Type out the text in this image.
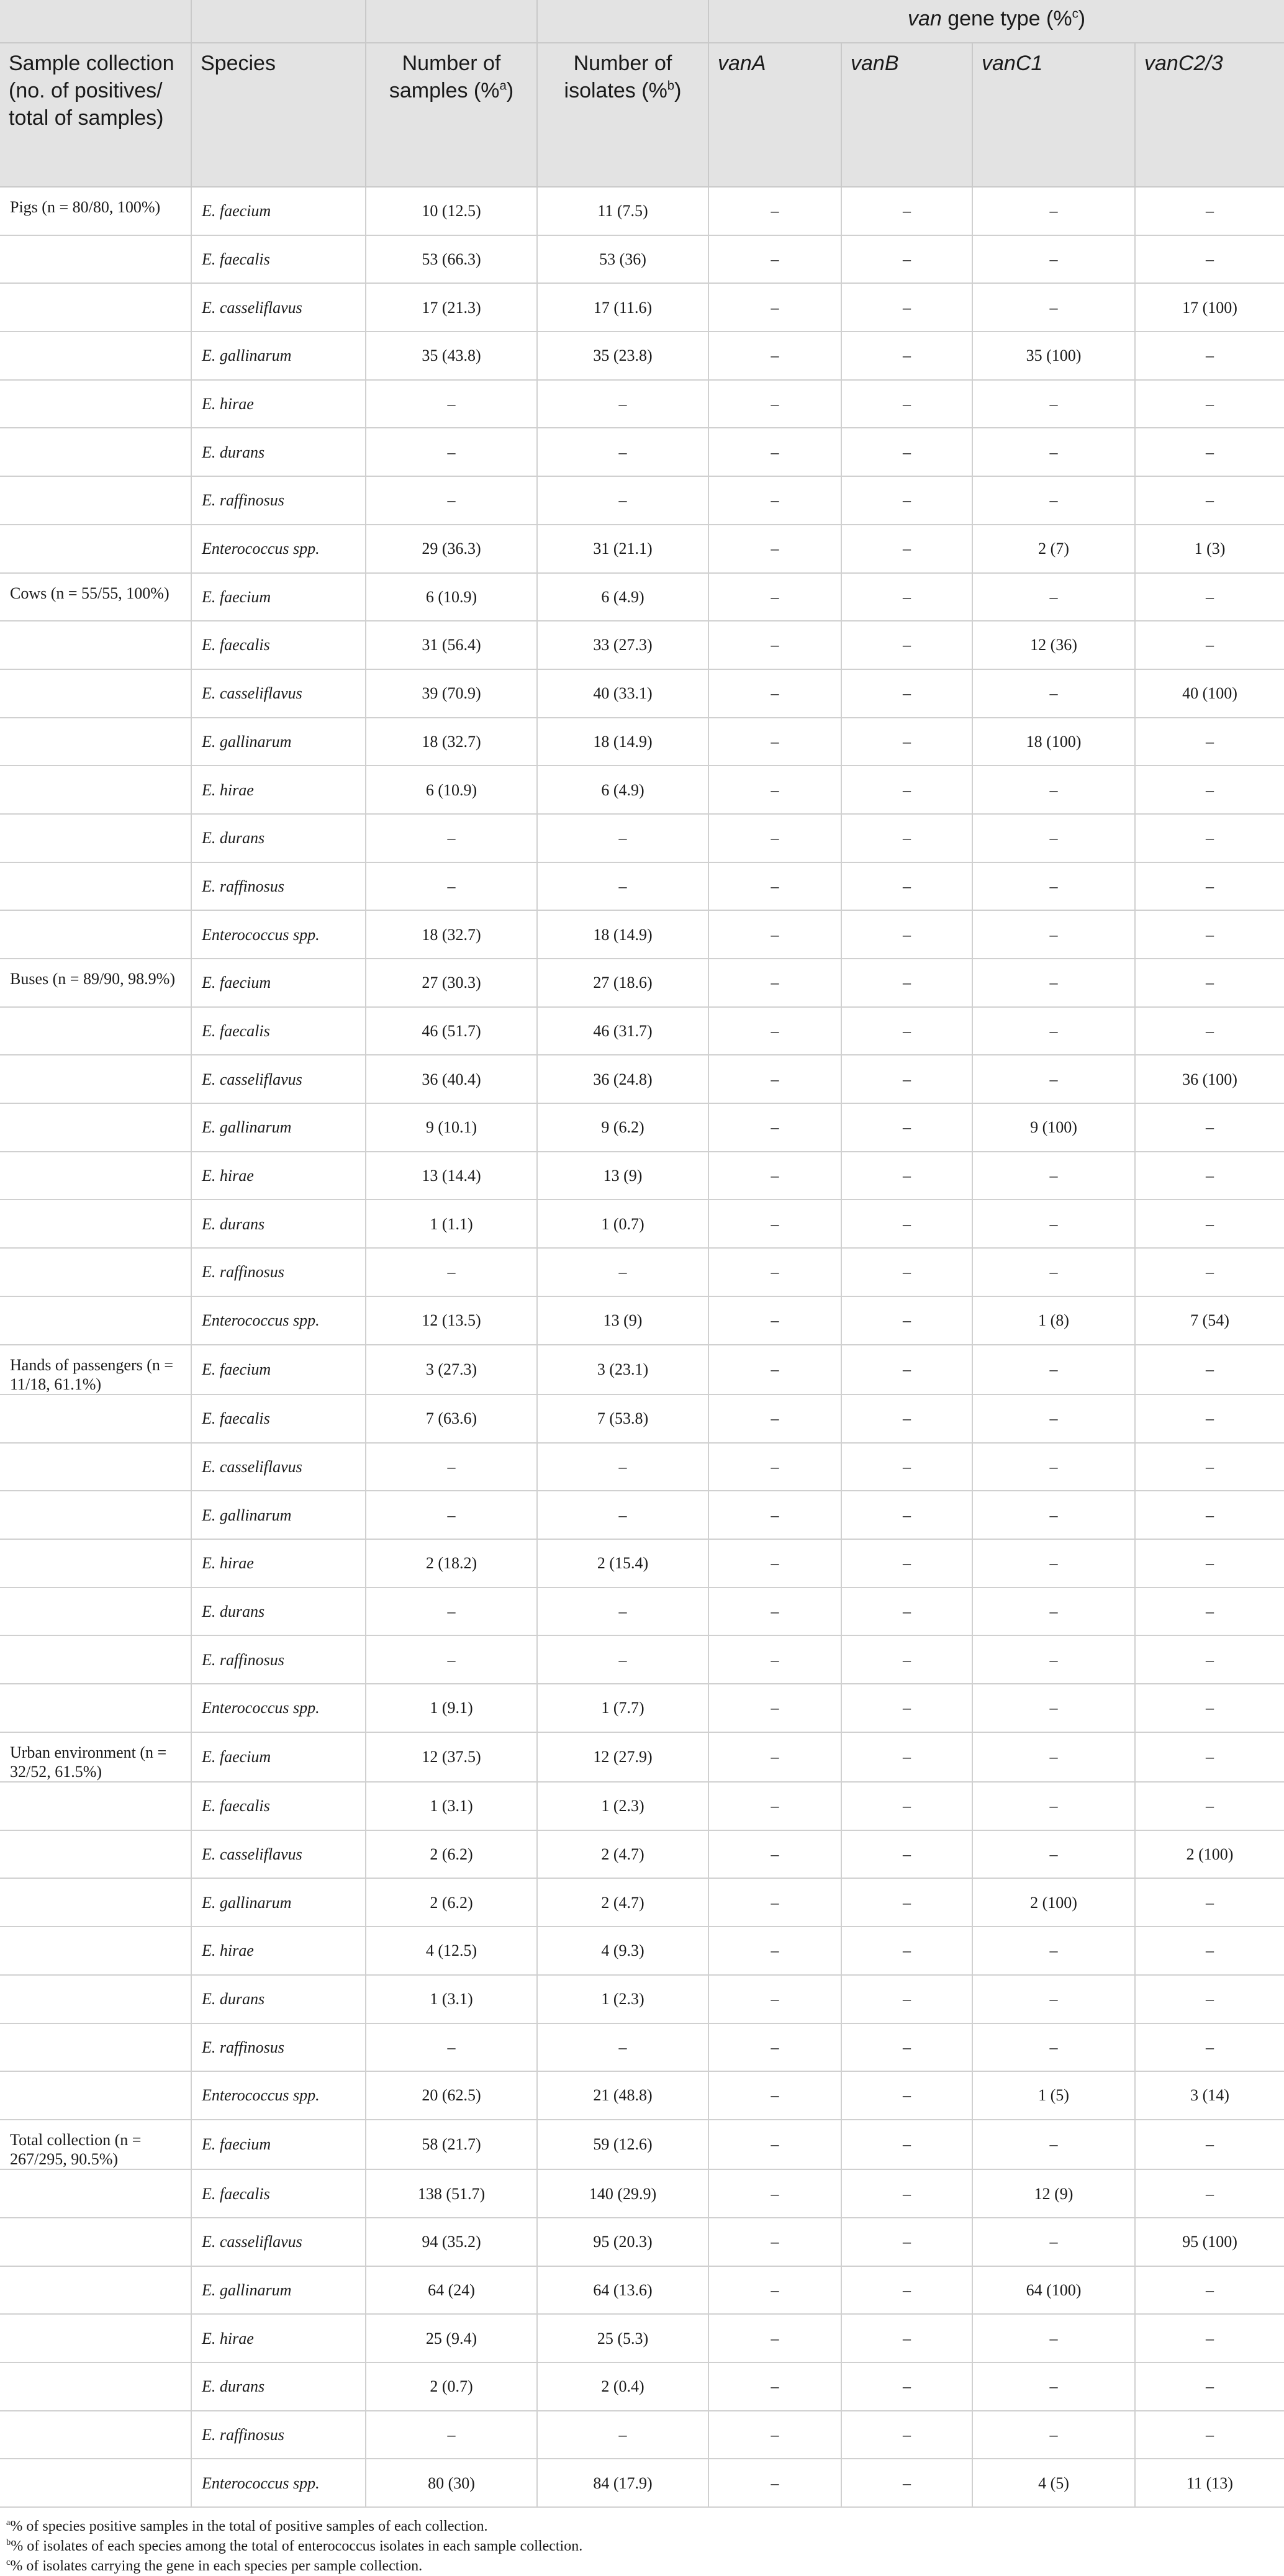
				van gene type (%$^c$)			
Sample collection (no. of positives/ total of samples)	Species	Number of samples (%$^a$)	Number of isolates (%$^b$)	vanA	vanB	vanC1	vanC2/3
Pigs (n = 80/80, 100%)	E. faecium	10 (12.5)	11 (7.5)	–	–	–	–
	E. faecalis	53 (66.3)	53 (36)	–	–	–	–
	E. casseliflavus	17 (21.3)	17 (11.6)	–	–	–	17 (100)
	E. gallinarum	35 (43.8)	35 (23.8)	–	–	35 (100)	–
	E. hirae	–	–	–	–	–	–
	E. durans	–	–	–	–	–	–
	E. raffinosus	–	–	–	–	–	–
	Enterococcus spp.	29 (36.3)	31 (21.1)	–	–	2 (7)	1 (3)
Cows (n = 55/55, 100%)	E. faecium	6 (10.9)	6 (4.9)	–	–	–	–
	E. faecalis	31 (56.4)	33 (27.3)	–	–	12 (36)	–
	E. casseliflavus	39 (70.9)	40 (33.1)	–	–	–	40 (100)
	E. gallinarum	18 (32.7)	18 (14.9)	–	–	18 (100)	–
	E. hirae	6 (10.9)	6 (4.9)	–	–	–	–
	E. durans	–	–	–	–	–	–
	E. raffinosus	–	–	–	–	–	–
	Enterococcus spp.	18 (32.7)	18 (14.9)	–	–	–	–
Buses (n = 89/90, 98.9%)	E. faecium	27 (30.3)	27 (18.6)	–	–	–	–
	E. faecalis	46 (51.7)	46 (31.7)	–	–	–	–
	E. casseliflavus	36 (40.4)	36 (24.8)	–	–	–	36 (100)
	E. gallinarum	9 (10.1)	9 (6.2)	–	–	9 (100)	–
	E. hirae	13 (14.4)	13 (9)	–	–	–	–
	E. durans	1 (1.1)	1 (0.7)	–	–	–	–
	E. raffinosus	–	–	–	–	–	–
	Enterococcus spp.	12 (13.5)	13 (9)	–	–	1 (8)	7 (54)
Hands of passengers (n = 11/18, 61.1%)	E. faecium	3 (27.3)	3 (23.1)	–	–	–	–
	E. faecalis	7 (63.6)	7 (53.8)	–	–	–	–
	E. casseliflavus	–	–	–	–	–	–
	E. gallinarum	–	–	–	–	–	–
	E. hirae	2 (18.2)	2 (15.4)	–	–	–	–
	E. durans	–	–	–	–	–	–
	E. raffinosus	–	–	–	–	–	–
	Enterococcus spp.	1 (9.1)	1 (7.7)	–	–	–	–
Urban environment (n = 32/52, 61.5%)	E. faecium	12 (37.5)	12 (27.9)	–	–	–	–
	E. faecalis	1 (3.1)	1 (2.3)	–	–	–	–
	E. casseliflavus	2 (6.2)	2 (4.7)	–	–	–	2 (100)
	E. gallinarum	2 (6.2)	2 (4.7)	–	–	2 (100)	–
	E. hirae	4 (12.5)	4 (9.3)	–	–	–	–
	E. durans	1 (3.1)	1 (2.3)	–	–	–	–
	E. raffinosus	–	–	–	–	–	–
	Enterococcus spp.	20 (62.5)	21 (48.8)	–	–	1 (5)	3 (14)
Total collection (n = 267/295, 90.5%)	E. faecium	58 (21.7)	59 (12.6)	–	–	–	–
	E. faecalis	138 (51.7)	140 (29.9)	–	–	12 (9)	–
	E. casseliflavus	94 (35.2)	95 (20.3)	–	–	–	95 (100)
	E. gallinarum	64 (24)	64 (13.6)	–	–	64 (100)	–
	E. hirae	25 (9.4)	25 (5.3)	–	–	–	–
	E. durans	2 (0.7)	2 (0.4)	–	–	–	–
	E. raffinosus	–	–	–	–	–	–
	Enterococcus spp.	80 (30)	84 (17.9)	–	–	4 (5)	11 (13)
$^a$% of species positive samples in the total of positive samples of each collection.
$^b$% of isolates of each species among the total of enterococcus isolates in each sample collection.
$^c$% of isolates carrying the gene in each species per sample collection.
